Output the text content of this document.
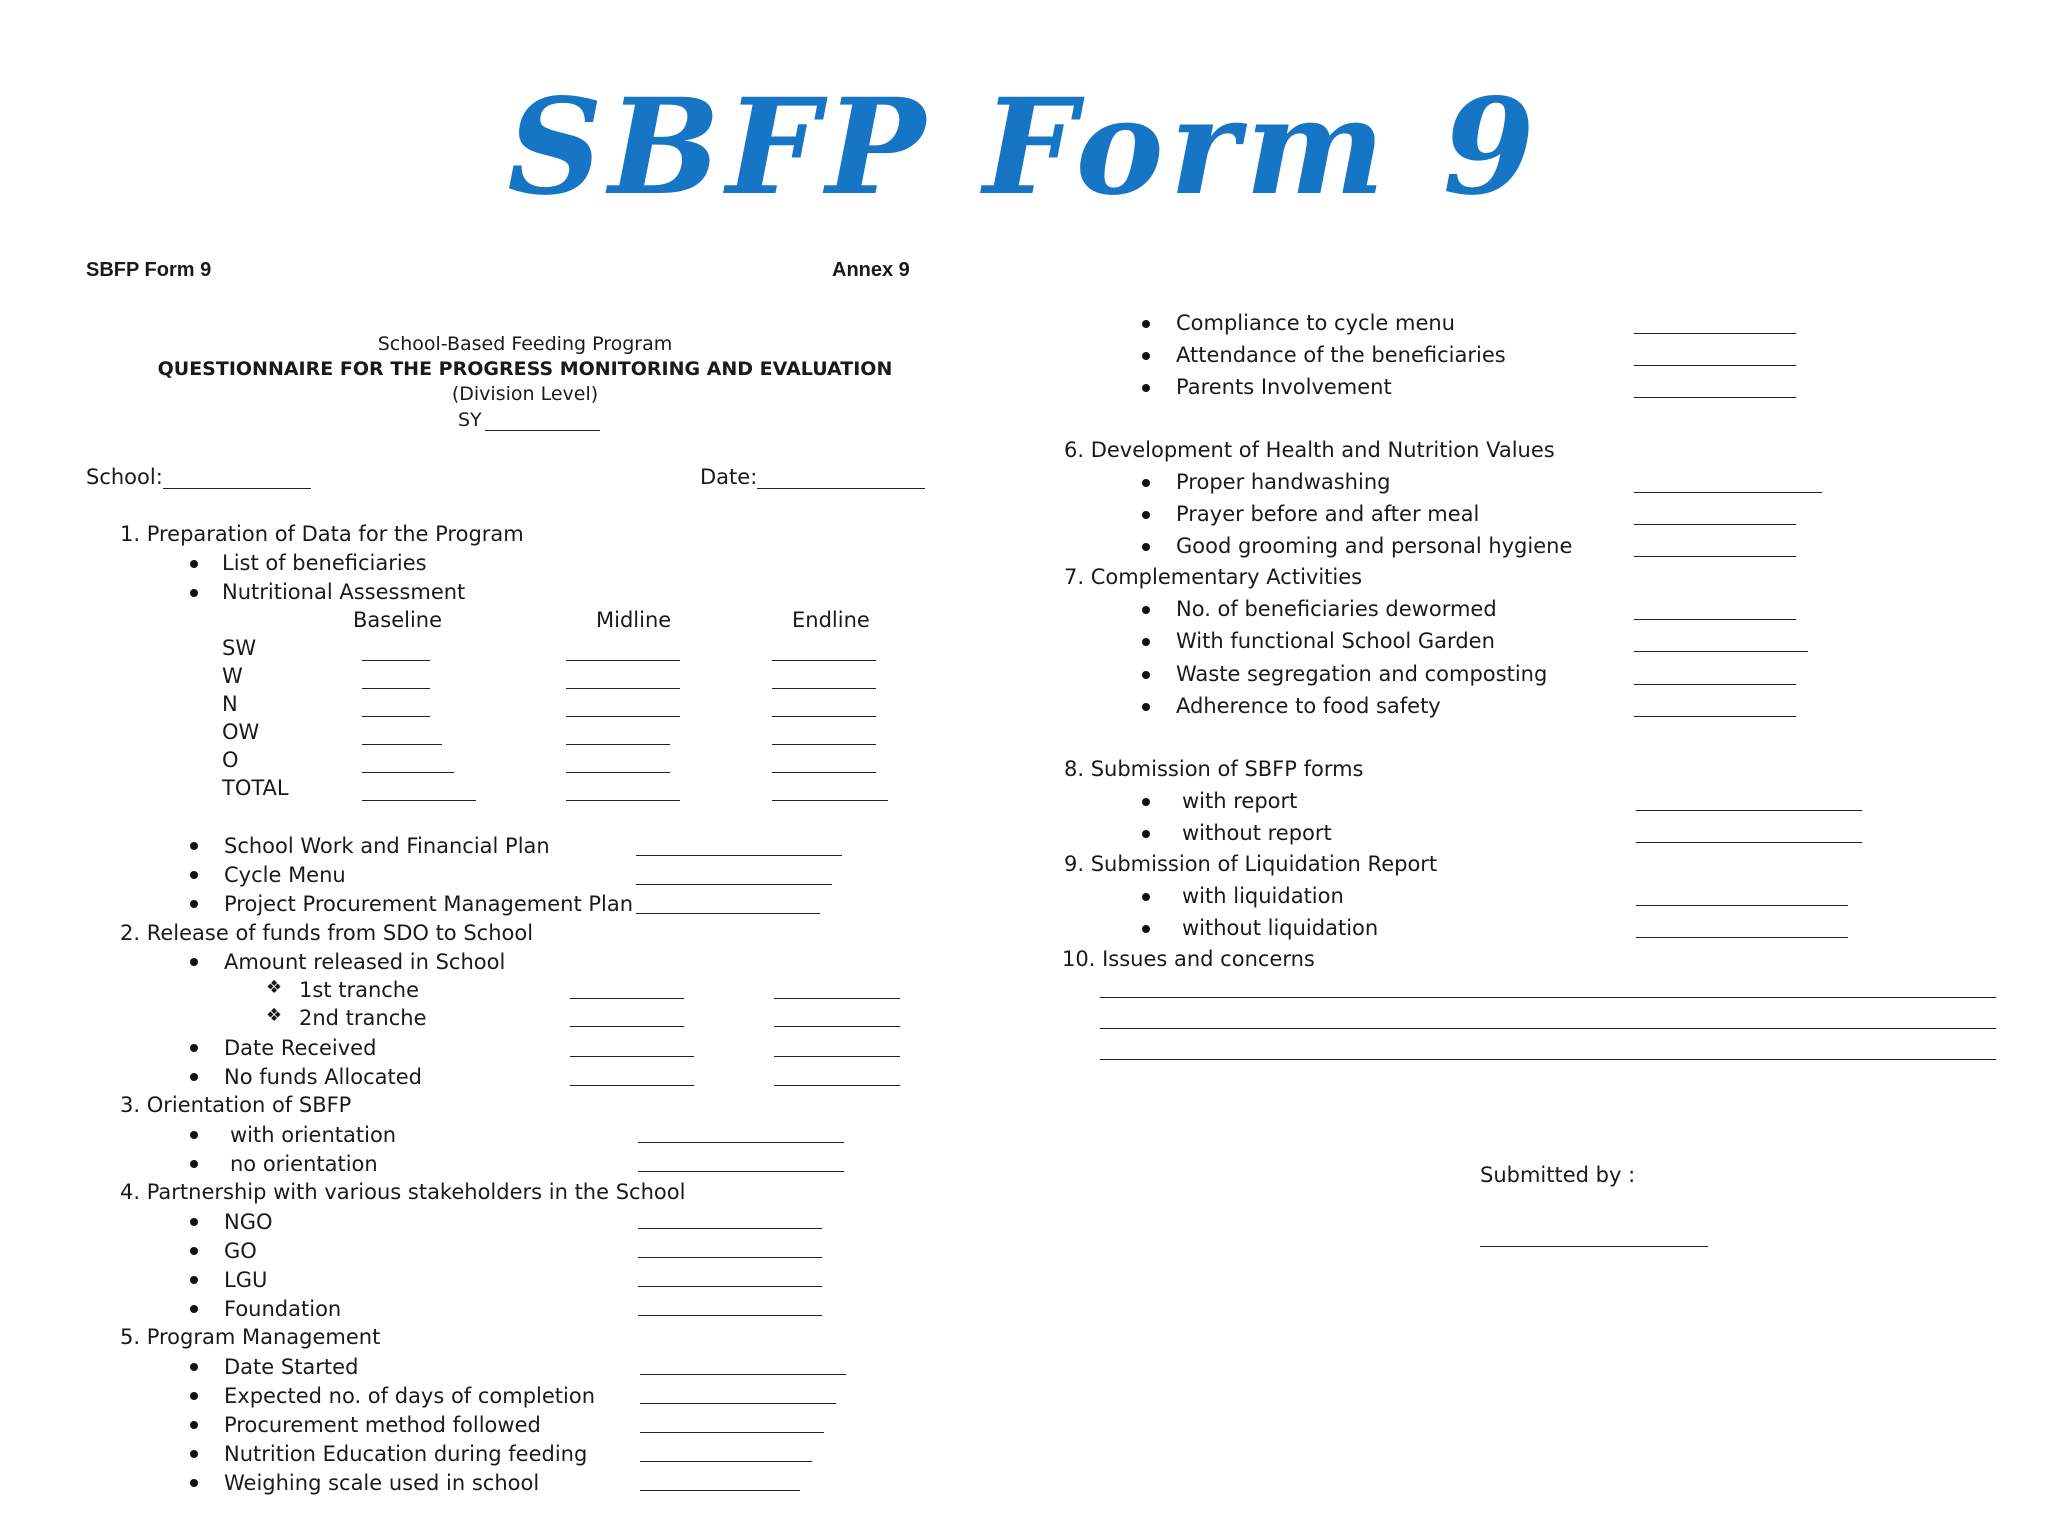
SBFP Form 9
SBFP Form 9	Annex 9
School-Based Feeding Program
QUESTIONNAIRE FOR THE PROGRESS MONITORING AND EVALUATION
(Division Level)
SY
School:	Date:
1. Preparation of Data for the Program
List of beneficiaries
Nutritional Assessment
Baseline	Midline	Endline
SW
W
N
OW
O
TOTAL
School Work and Financial Plan
Cycle Menu
Project Procurement Management Plan
2. Release of funds from SDO to School
Amount released in School
❖ 1st tranche
❖ 2nd tranche
Date Received
No funds Allocated
3. Orientation of SBFP
with orientation
no orientation
4. Partnership with various stakeholders in the School
NGO
GO
LGU
Foundation
5. Program Management
Date Started
Expected no. of days of completion
Procurement method followed
Nutrition Education during feeding
Weighing scale used in school
Compliance to cycle menu
Attendance of the beneficiaries
Parents Involvement
6. Development of Health and Nutrition Values
Proper handwashing
Prayer before and after meal
Good grooming and personal hygiene
7. Complementary Activities
No. of beneficiaries dewormed
With functional School Garden
Waste segregation and composting
Adherence to food safety
8. Submission of SBFP forms
with report
without report
9. Submission of Liquidation Report
with liquidation
without liquidation
10. Issues and concerns
Submitted by :
